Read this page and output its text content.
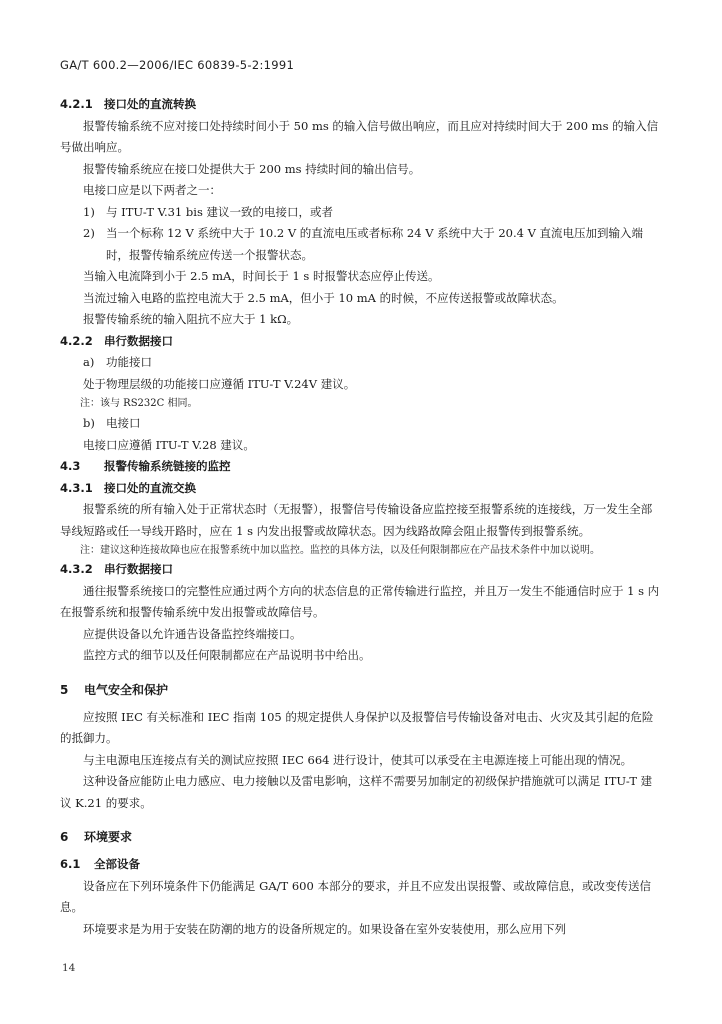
GA/T 600.2—2006/IEC 60839-5-2:1991
4.2.1 接口处的直流转换

报警传输系统不应对接口处持续时间小于 50 ms 的输入信号做出响应，而且应对持续时间大于 200 ms 的输入信号做出响应。

报警传输系统应在接口处提供大于 200 ms 持续时间的输出信号。

电接口应是以下两者之一：

1) 与 ITU-T V.31 bis 建议一致的电接口，或者

2) 当一个标称 12 V 系统中大于 10.2 V 的直流电压或者标称 24 V 系统中大于 20.4 V 直流电压加到输入端时，报警传输系统应传送一个报警状态。

当输入电流降到小于 2.5 mA，时间长于 1 s 时报警状态应停止传送。

当流过输入电路的监控电流大于 2.5 mA，但小于 10 mA 的时候，不应传送报警或故障状态。

报警传输系统的输入阻抗不应大于 1 kΩ。

4.2.2 串行数据接口

a) 功能接口

处于物理层级的功能接口应遵循 ITU-T V.24V 建议。

注：该与 RS232C 相同。

b) 电接口

电接口应遵循 ITU-T V.28 建议。

4.3 报警传输系统链接的监控
4.3.1 接口处的直流交换

报警系统的所有输入处于正常状态时（无报警），报警信号传输设备应监控接至报警系统的连接线，万一发生全部导线短路或任一导线开路时，应在 1 s 内发出报警或故障状态。因为线路故障会阻止报警传到报警系统。

注：建议这种连接故障也应在报警系统中加以监控。监控的具体方法，以及任何限制都应在产品技术条件中加以说明。

4.3.2 串行数据接口

通往报警系统接口的完整性应通过两个方向的状态信息的正常传输进行监控，并且万一发生不能通信时应于 1 s 内在报警系统和报警传输系统中发出报警或故障信号。

应提供设备以允许通告设备监控终端接口。

监控方式的细节以及任何限制都应在产品说明书中给出。

5 电气安全和保护

应按照 IEC 有关标准和 IEC 指南 105 的规定提供人身保护以及报警信号传输设备对电击、火灾及其引起的危险的抵御力。

与主电源电压连接点有关的测试应按照 IEC 664 进行设计，使其可以承受在主电源连接上可能出现的情况。

这种设备应能防止电力感应、电力接触以及雷电影响，这样不需要另加制定的初级保护措施就可以满足 ITU-T 建议 K.21 的要求。

6 环境要求
6.1 全部设备

设备应在下列环境条件下仍能满足 GA/T 600 本部分的要求，并且不应发出误报警、或故障信息，或改变传送信息。

环境要求是为用于安装在防潮的地方的设备所规定的。如果设备在室外安装使用，那么应用下列

14
